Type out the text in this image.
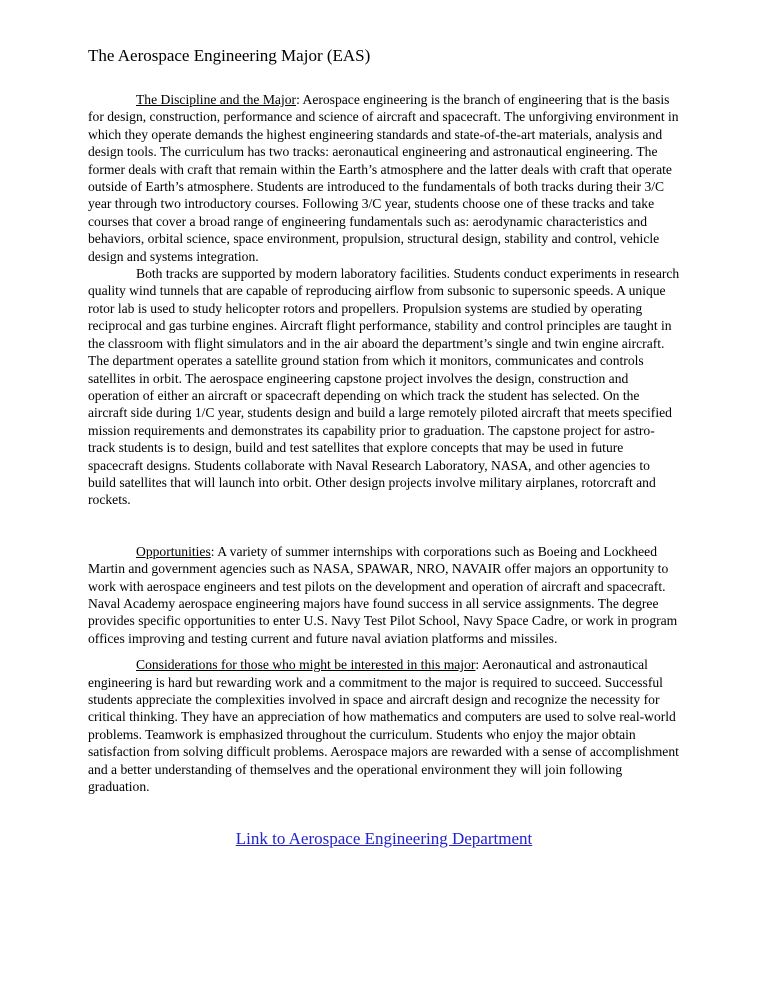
The Aerospace Engineering Major (EAS)

The Discipline and the Major: Aerospace engineering is the branch of engineering that is the basis for design, construction, performance and science of aircraft and spacecraft. The unforgiving environment in which they operate demands the highest engineering standards and state-of-the-art materials, analysis and design tools. The curriculum has two tracks: aeronautical engineering and astronautical engineering. The former deals with craft that remain within the Earth’s atmosphere and the latter deals with craft that operate outside of Earth’s atmosphere. Students are introduced to the fundamentals of both tracks during their 3/C year through two introductory courses. Following 3/C year, students choose one of these tracks and take courses that cover a broad range of engineering fundamentals such as: aerodynamic characteristics and behaviors, orbital science, space environment, propulsion, structural design, stability and control, vehicle design and systems integration.

Both tracks are supported by modern laboratory facilities. Students conduct experiments in research quality wind tunnels that are capable of reproducing airflow from subsonic to supersonic speeds. A unique rotor lab is used to study helicopter rotors and propellers. Propulsion systems are studied by operating reciprocal and gas turbine engines. Aircraft flight performance, stability and control principles are taught in the classroom with flight simulators and in the air aboard the department’s single and twin engine aircraft. The department operates a satellite ground station from which it monitors, communicates and controls satellites in orbit. The aerospace engineering capstone project involves the design, construction and operation of either an aircraft or spacecraft depending on which track the student has selected. On the aircraft side during 1/C year, students design and build a large remotely piloted aircraft that meets specified mission requirements and demonstrates its capability prior to graduation. The capstone project for astro-track students is to design, build and test satellites that explore concepts that may be used in future spacecraft designs. Students collaborate with Naval Research Laboratory, NASA, and other agencies to build satellites that will launch into orbit. Other design projects involve military airplanes, rotorcraft and rockets.

Opportunities: A variety of summer internships with corporations such as Boeing and Lockheed Martin and government agencies such as NASA, SPAWAR, NRO, NAVAIR offer majors an opportunity to work with aerospace engineers and test pilots on the development and operation of aircraft and spacecraft. Naval Academy aerospace engineering majors have found success in all service assignments. The degree provides specific opportunities to enter U.S. Navy Test Pilot School, Navy Space Cadre, or work in program offices improving and testing current and future naval aviation platforms and missiles.

Considerations for those who might be interested in this major: Aeronautical and astronautical engineering is hard but rewarding work and a commitment to the major is required to succeed. Successful students appreciate the complexities involved in space and aircraft design and recognize the necessity for critical thinking. They have an appreciation of how mathematics and computers are used to solve real-world problems. Teamwork is emphasized throughout the curriculum. Students who enjoy the major obtain satisfaction from solving difficult problems. Aerospace majors are rewarded with a sense of accomplishment and a better understanding of themselves and the operational environment they will join following graduation.

Link to Aerospace Engineering Department
